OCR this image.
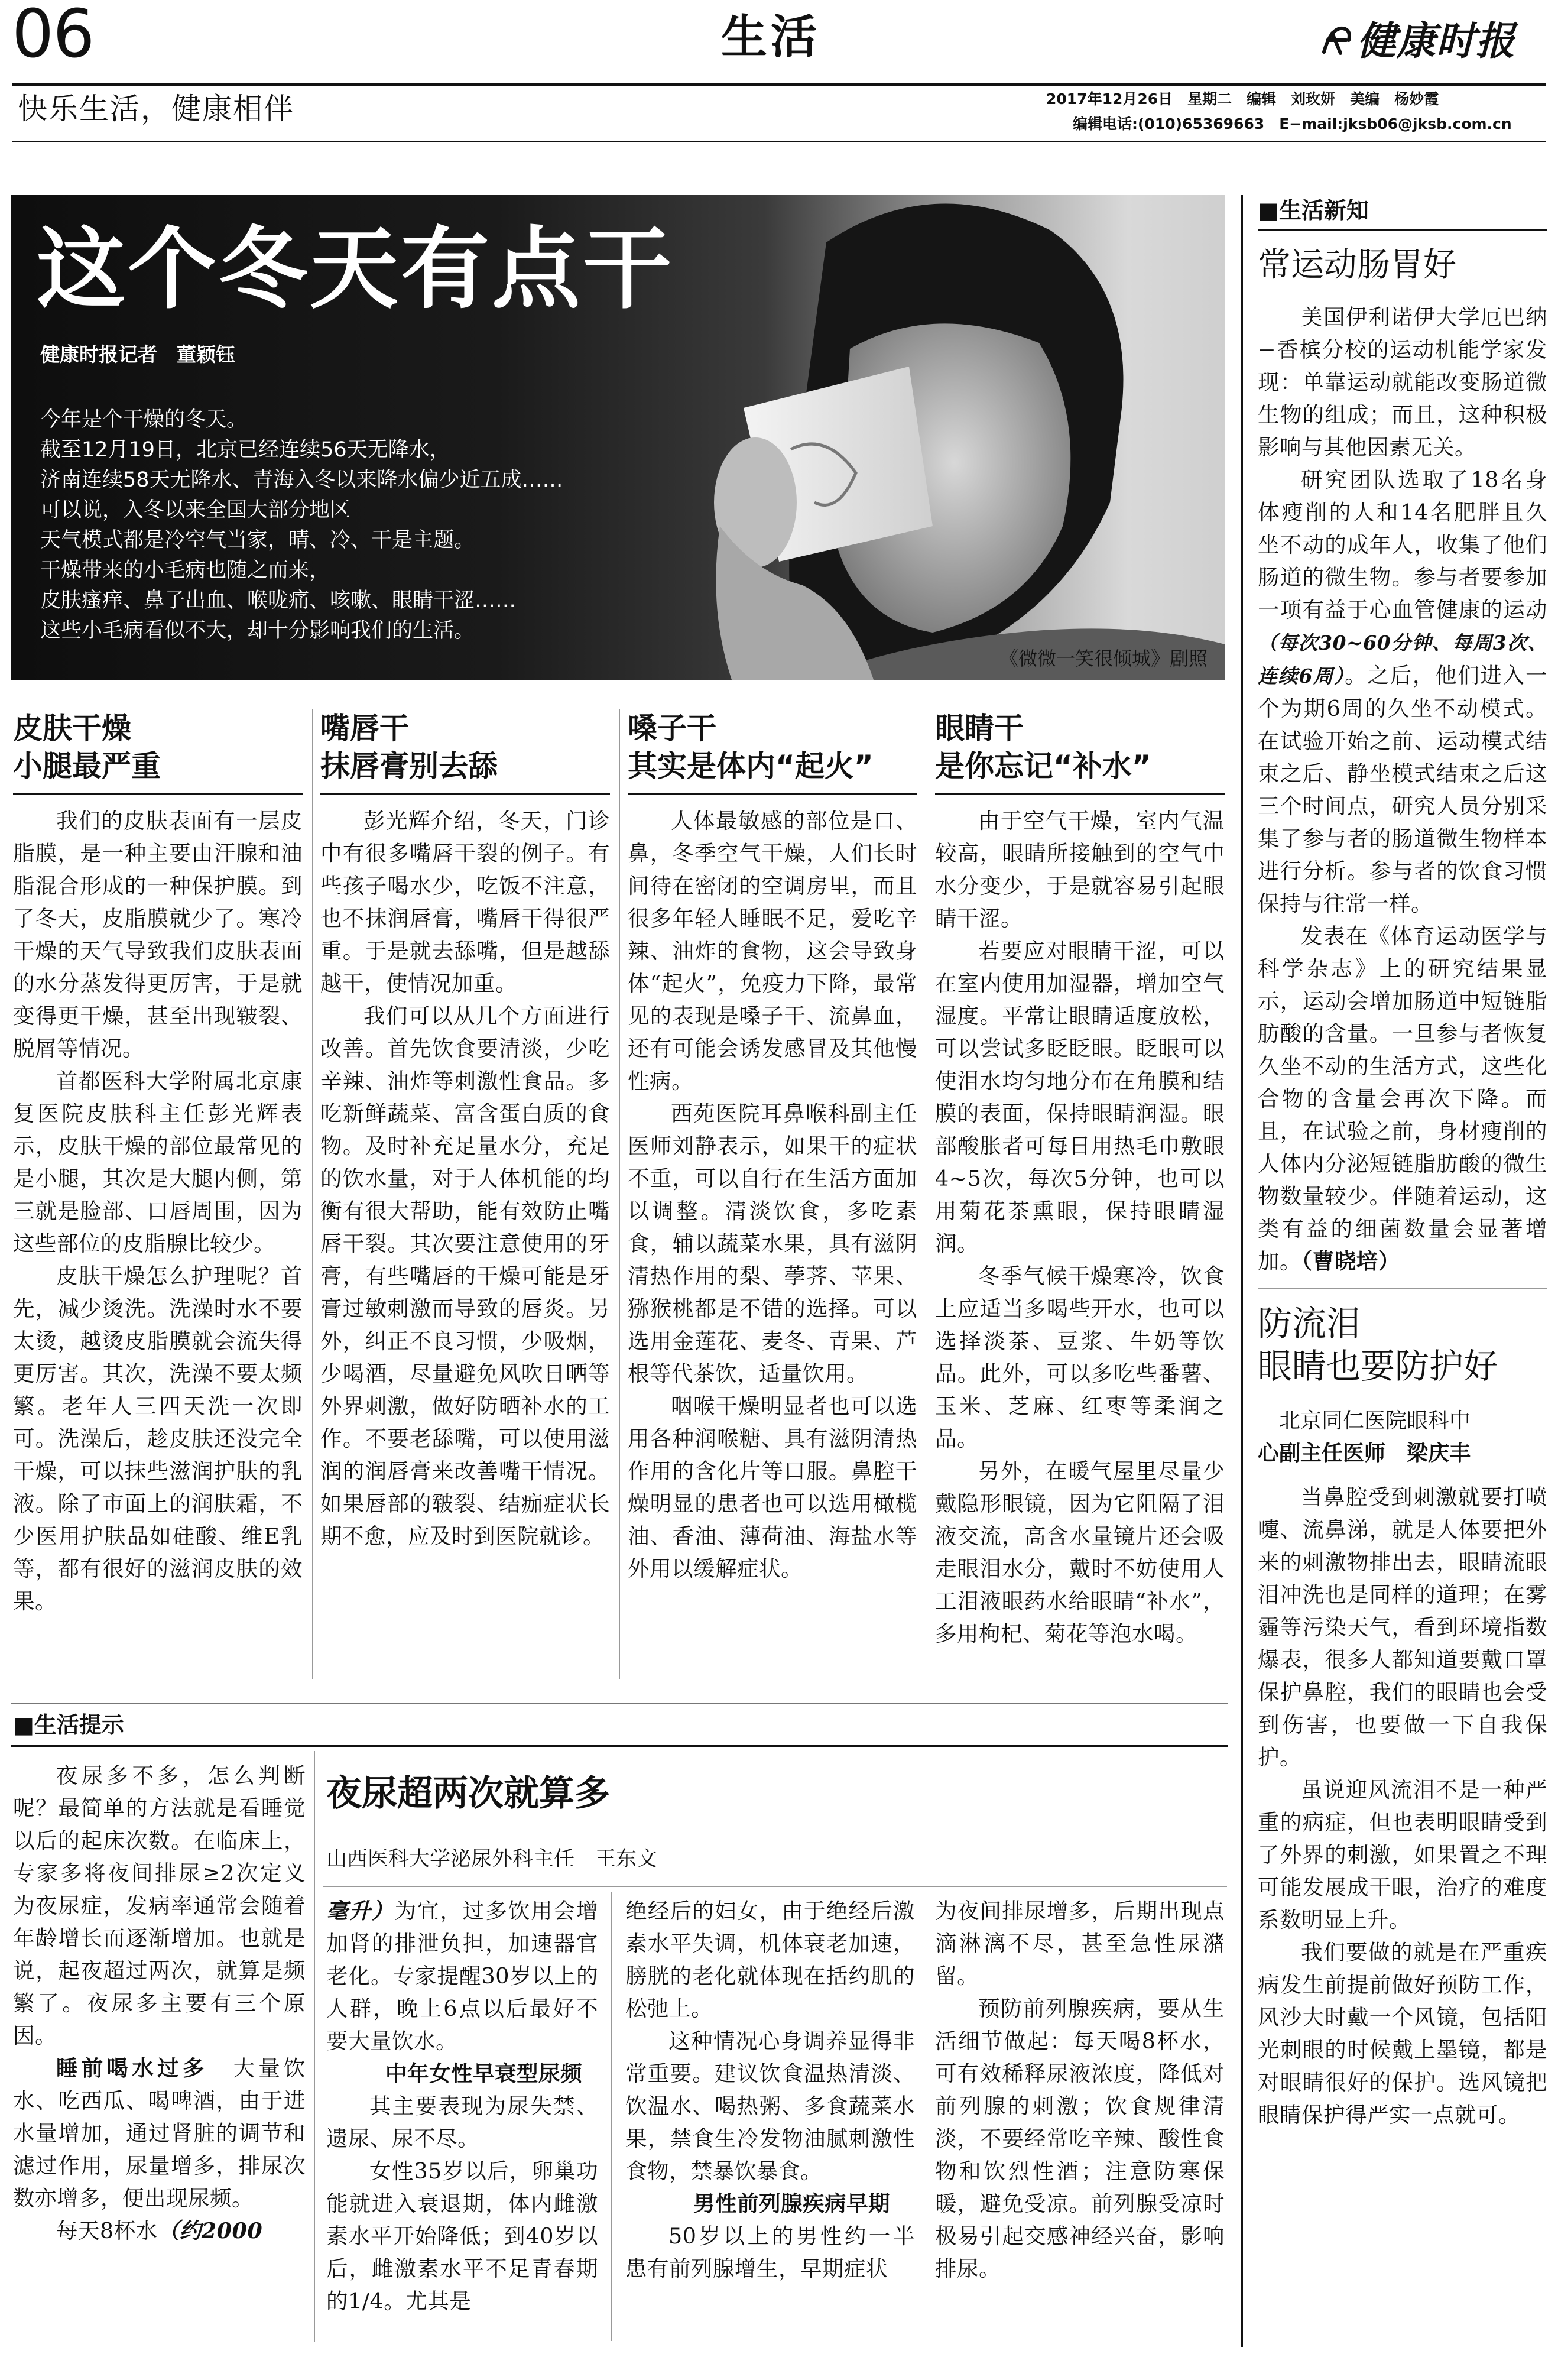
06	生活	健康时报
快乐生活，健康相伴	2017年12月26日　星期二　编辑　刘玫妍　美编　杨妙霞
编辑电话:(010)65369663　E−mail:jksb06@jksb.com.cn
这个冬天有点干
健康时报记者　董颖钰
今年是个干燥的冬天。
截至12月19日，北京已经连续56天无降水，
济南连续58天无降水、青海入冬以来降水偏少近五成……
可以说，入冬以来全国大部分地区
天气模式都是冷空气当家，晴、冷、干是主题。
干燥带来的小毛病也随之而来，
皮肤瘙痒、鼻子出血、喉咙痛、咳嗽、眼睛干涩……
这些小毛病看似不大，却十分影响我们的生活。
《微微一笑很倾城》剧照
皮肤干燥
小腿最严重

我们的皮肤表面有一层皮脂膜，是一种主要由汗腺和油脂混合形成的一种保护膜。到了冬天，皮脂膜就少了。寒冷干燥的天气导致我们皮肤表面的水分蒸发得更厉害，于是就变得更干燥，甚至出现皲裂、脱屑等情况。

首都医科大学附属北京康复医院皮肤科主任彭光辉表示，皮肤干燥的部位最常见的是小腿，其次是大腿内侧，第三就是脸部、口唇周围，因为这些部位的皮脂腺比较少。

皮肤干燥怎么护理呢？首先，减少烫洗。洗澡时水不要太烫，越烫皮脂膜就会流失得更厉害。其次，洗澡不要太频繁。老年人三四天洗一次即可。洗澡后，趁皮肤还没完全干燥，可以抹些滋润护肤的乳液。除了市面上的润肤霜，不少医用护肤品如硅酸、维E乳等，都有很好的滋润皮肤的效果。

嘴唇干
抹唇膏别去舔

彭光辉介绍，冬天，门诊中有很多嘴唇干裂的例子。有些孩子喝水少，吃饭不注意，也不抹润唇膏，嘴唇干得很严重。于是就去舔嘴，但是越舔越干，使情况加重。

我们可以从几个方面进行改善。首先饮食要清淡，少吃辛辣、油炸等刺激性食品。多吃新鲜蔬菜、富含蛋白质的食物。及时补充足量水分，充足的饮水量，对于人体机能的均衡有很大帮助，能有效防止嘴唇干裂。其次要注意使用的牙膏，有些嘴唇的干燥可能是牙膏过敏刺激而导致的唇炎。另外，纠正不良习惯，少吸烟，少喝酒，尽量避免风吹日晒等外界刺激，做好防晒补水的工作。不要老舔嘴，可以使用滋润的润唇膏来改善嘴干情况。如果唇部的皲裂、结痂症状长期不愈，应及时到医院就诊。

嗓子干
其实是体内“起火”

人体最敏感的部位是口、鼻，冬季空气干燥，人们长时间待在密闭的空调房里，而且很多年轻人睡眠不足，爱吃辛辣、油炸的食物，这会导致身体“起火”，免疫力下降，最常见的表现是嗓子干、流鼻血，还有可能会诱发感冒及其他慢性病。

西苑医院耳鼻喉科副主任医师刘静表示，如果干的症状不重，可以自行在生活方面加以调整。清淡饮食，多吃素食，辅以蔬菜水果，具有滋阴清热作用的梨、荸荠、苹果、猕猴桃都是不错的选择。可以选用金莲花、麦冬、青果、芦根等代茶饮，适量饮用。

咽喉干燥明显者也可以选用各种润喉糖、具有滋阴清热作用的含化片等口服。鼻腔干燥明显的患者也可以选用橄榄油、香油、薄荷油、海盐水等外用以缓解症状。

眼睛干
是你忘记“补水”

由于空气干燥，室内气温较高，眼睛所接触到的空气中水分变少，于是就容易引起眼睛干涩。

若要应对眼睛干涩，可以在室内使用加湿器，增加空气湿度。平常让眼睛适度放松，可以尝试多眨眨眼。眨眼可以使泪水均匀地分布在角膜和结膜的表面，保持眼睛润湿。眼部酸胀者可每日用热毛巾敷眼4~5次，每次5分钟，也可以用菊花茶熏眼，保持眼睛湿润。

冬季气候干燥寒冷，饮食上应适当多喝些开水，也可以选择淡茶、豆浆、牛奶等饮品。此外，可以多吃些番薯、玉米、芝麻、红枣等柔润之品。

另外，在暖气屋里尽量少戴隐形眼镜，因为它阻隔了泪液交流，高含水量镜片还会吸走眼泪水分，戴时不妨使用人工泪液眼药水给眼睛“补水”，多用枸杞、菊花等泡水喝。

■生活新知
常运动肠胃好

美国伊利诺伊大学厄巴纳−香槟分校的运动机能学家发现：单靠运动就能改变肠道微生物的组成；而且，这种积极影响与其他因素无关。

研究团队选取了18名身体瘦削的人和14名肥胖且久坐不动的成年人，收集了他们肠道的微生物。参与者要参加一项有益于心血管健康的运动（每次30~60分钟、每周3次、连续6周）。之后，他们进入一个为期6周的久坐不动模式。在试验开始之前、运动模式结束之后、静坐模式结束之后这三个时间点，研究人员分别采集了参与者的肠道微生物样本进行分析。参与者的饮食习惯保持与往常一样。

发表在《体育运动医学与科学杂志》上的研究结果显示，运动会增加肠道中短链脂肪酸的含量。一旦参与者恢复久坐不动的生活方式，这些化合物的含量会再次下降。而且，在试验之前，身材瘦削的人体内分泌短链脂肪酸的微生物数量较少。伴随着运动，这类有益的细菌数量会显著增加。（曹晓培）

防流泪
眼睛也要防护好
北京同仁医院眼科中
心副主任医师　梁庆丰

当鼻腔受到刺激就要打喷嚏、流鼻涕，就是人体要把外来的刺激物排出去，眼睛流眼泪冲洗也是同样的道理；在雾霾等污染天气，看到环境指数爆表，很多人都知道要戴口罩保护鼻腔，我们的眼睛也会受到伤害，也要做一下自我保护。

虽说迎风流泪不是一种严重的病症，但也表明眼睛受到了外界的刺激，如果置之不理可能发展成干眼，治疗的难度系数明显上升。

我们要做的就是在严重疾病发生前提前做好预防工作，风沙大时戴一个风镜，包括阳光刺眼的时候戴上墨镜，都是对眼睛很好的保护。选风镜把眼睛保护得严实一点就可。

■生活提示

夜尿多不多，怎么判断呢？最简单的方法就是看睡觉以后的起床次数。在临床上，专家多将夜间排尿≥2次定义为夜尿症，发病率通常会随着年龄增长而逐渐增加。也就是说，起夜超过两次，就算是频繁了。夜尿多主要有三个原因。

睡前喝水过多　大量饮水、吃西瓜、喝啤酒，由于进水量增加，通过肾脏的调节和滤过作用，尿量增多，排尿次数亦增多，便出现尿频。

每天8杯水（约2000

夜尿超两次就算多
山西医科大学泌尿外科主任　王东文

毫升）为宜，过多饮用会增加肾的排泄负担，加速器官老化。专家提醒30岁以上的人群，晚上6点以后最好不要大量饮水。

中年女性早衰型尿频

其主要表现为尿失禁、遗尿、尿不尽。

女性35岁以后，卵巢功能就进入衰退期，体内雌激素水平开始降低；到40岁以后，雌激素水平不足青春期的1/4。尤其是

绝经后的妇女，由于绝经后激素水平失调，机体衰老加速，膀胱的老化就体现在括约肌的松弛上。

这种情况心身调养显得非常重要。建议饮食温热清淡、饮温水、喝热粥、多食蔬菜水果，禁食生冷发物油腻刺激性食物，禁暴饮暴食。

男性前列腺疾病早期

50岁以上的男性约一半患有前列腺增生，早期症状

为夜间排尿增多，后期出现点滴淋漓不尽，甚至急性尿潴留。

预防前列腺疾病，要从生活细节做起：每天喝8杯水，可有效稀释尿液浓度，降低对前列腺的刺激；饮食规律清淡，不要经常吃辛辣、酸性食物和饮烈性酒；注意防寒保暖，避免受凉。前列腺受凉时极易引起交感神经兴奋，影响排尿。
